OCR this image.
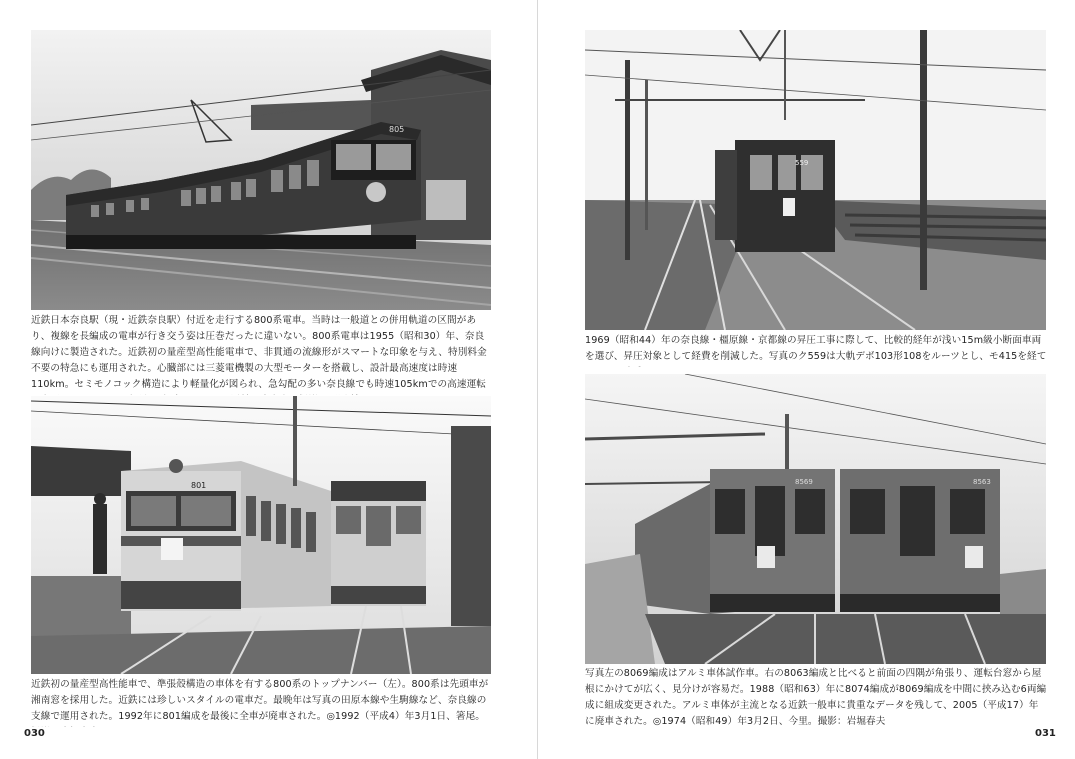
805
近鉄日本奈良駅（現・近鉄奈良駅）付近を走行する800系電車。当時は一般道との併用軌道の区間があり、複線を長編成の電車が行き交う姿は圧巻だったに違いない。800系電車は1955（昭和30）年、奈良線向けに製造された。近鉄初の量産型高性能電車で、非貫通の流線形がスマートな印象を与え、特別料金不要の特急にも運用された。心臓部には三菱電機製の大型モーターを搭載し、設計最高速度は時速110km。セミモノコック構造により軽量化が図られ、急勾配の多い奈良線でも時速105kmでの高速運転
801
近鉄初の量産型高性能車で、準張殻構造の車体を有する800系のトップナンバー（左）。800系は先頭車が湘南窓を採用した。近鉄には珍しいスタイルの電車だ。最晩年は写真の田原本線や生駒線など、奈良線の支線で運用された。1992年に801編成を最後に全車が廃車された。◎1992（平成4）年3月1日、箸尾。
030
559
1969（昭和44）年の奈良線・橿原線・京都線の昇圧工事に際して、比較的経年が浅い15m級小断面車両を選び、昇圧対象として経費を削減した。写真のク559は大軌デボ103形108をルーツとし、モ415を経て
8569	8563
写真左の8069編成はアルミ車体試作車。右の8063編成と比べると前面の四隅が角張り、運転台窓から屋根にかけてが広く、見分けが容易だ。1988（昭和63）年に8074編成が8069編成を中間に挟み込む6両編成に組成変更された。アルミ車体が主流となる近鉄一般車に貴重なデータを残して、2005（平成17）年に廃車された。◎1974（昭和49）年3月2日、今里。撮影：岩堀春夫
031
